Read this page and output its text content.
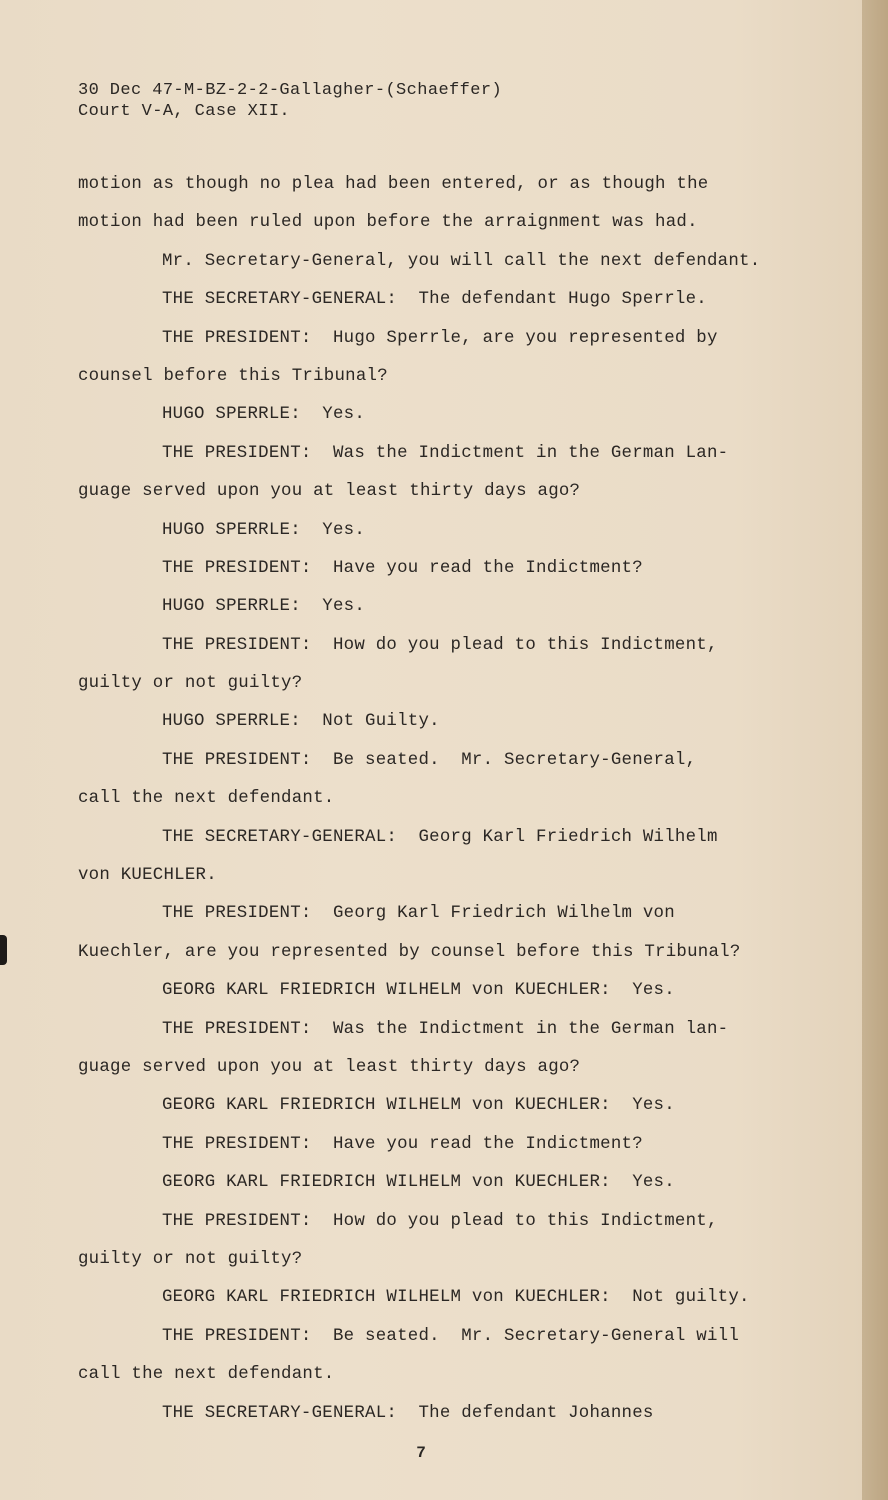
30 Dec 47-M-BZ-2-2-Gallagher-(Schaeffer)
Court V-A, Case XII.
motion as though no plea had been entered, or as though the
motion had been ruled upon before the arraignment was had.
Mr. Secretary-General, you will call the next defendant.
THE SECRETARY-GENERAL:  The defendant Hugo Sperrle.
THE PRESIDENT:  Hugo Sperrle, are you represented by
counsel before this Tribunal?
HUGO SPERRLE:  Yes.
THE PRESIDENT:  Was the Indictment in the German Lan-
guage served upon you at least thirty days ago?
HUGO SPERRLE:  Yes.
THE PRESIDENT:  Have you read the Indictment?
HUGO SPERRLE:  Yes.
THE PRESIDENT:  How do you plead to this Indictment,
guilty or not guilty?
HUGO SPERRLE:  Not Guilty.
THE PRESIDENT:  Be seated.  Mr. Secretary-General,
call the next defendant.
THE SECRETARY-GENERAL:  Georg Karl Friedrich Wilhelm
von KUECHLER.
THE PRESIDENT:  Georg Karl Friedrich Wilhelm von
Kuechler, are you represented by counsel before this Tribunal?
GEORG KARL FRIEDRICH WILHELM von KUECHLER:  Yes.
THE PRESIDENT:  Was the Indictment in the German lan-
guage served upon you at least thirty days ago?
GEORG KARL FRIEDRICH WILHELM von KUECHLER:  Yes.
THE PRESIDENT:  Have you read the Indictment?
GEORG KARL FRIEDRICH WILHELM von KUECHLER:  Yes.
THE PRESIDENT:  How do you plead to this Indictment,
guilty or not guilty?
GEORG KARL FRIEDRICH WILHELM von KUECHLER:  Not guilty.
THE PRESIDENT:  Be seated.  Mr. Secretary-General will
call the next defendant.
THE SECRETARY-GENERAL:  The defendant Johannes
7
